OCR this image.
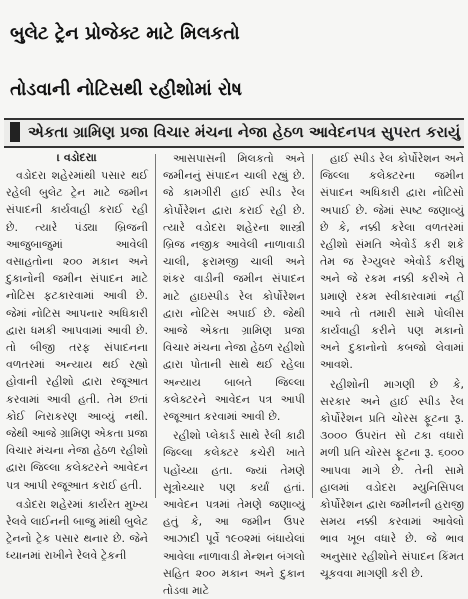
બુલેટ ટ્રેન પ્રોજેક્ટ માટે મિલકતો
તોડવાની નોટિસથી રહીશોમાં રોષ
એકતા ગ્રામિણ પ્રજા વિચાર મંચના નેજા હેઠળ આવેદનપત્ર સુપરત કરાયું
। વડોદરા।

વડોદરા શહેરમાંથી પસાર થઈ રહેલી બુલેટ ટ્રેન માટે જમીન સંપાદની કાર્યવાહી કરાઈ રહી છે. ત્યારે પંડ્યા બ્રિજની આજુબાજુમાં આવેલી વસાહતોના ૨૦૦ મકાન અને દુકાનોની જમીન સંપાદન માટે નોટિસ ફટકારવામાં આવી છે. જેમાં નોટિસ આપનાર અધિકારી દ્વારા ધમકી આપવામાં આવી છે. તો બીજી તરફ સંપાદનના વળતરમાં અન્યાય થઈ રહ્યો હોવાની રહીશો દ્વારા રજૂઆત કરવામાં આવી હતી. તેમ છતાં કોઈ નિરાકરણ આવ્યું નથી. જેથી આજે ગ્રામિણ એકતા પ્રજા વિચાર મંચના નેજા હેઠળ રહીશો દ્વારા જિલ્લા કલેક્ટરને આવેદન પત્ર આપી રજૂઆત કરાઈ હતી.

વડોદરા શહેરમાં કાર્યરત મુખ્ય રેલવે લાઈનની બાજુ માંથી બુલેટ ટ્રેનનો ટ્રેક પસાર થનાર છે. જેને ધ્યાનમાં રાખીને રેલવે ટ્રેકની

આસપાસની મિલકતો અને જમીનનું સંપાદન ચાલી રહ્યું છે. જે કામગીરી હાઈ સ્પીડ રેલ કોર્પોરેશન દ્વારા કરાઈ રહી છે. ત્યારે વડોદરા શહેરના શાસ્ત્રી બ્રિજ નજીક આવેલી નાળાવાડી ચાલી, ફરામજી ચાલી અને શંકર વાડીની જમીન સંપાદન માટે હાઇસ્પીડ રેલ કોર્પોરેશન દ્વારા નોટિસ અપાઈ છે. જેથી આજે એકતા ગ્રામિણ પ્રજા વિચાર મંચના નેજા હેઠળ રહીશો દ્વારા પોતાની સાથે થઈ રહેલા અન્યાય બાબતે જિલ્લા કલેક્ટરને આવેદન પત્ર આપી રજૂઆત કરવામાં આવી છે.

રહીશો પ્લેકાર્ડ સાથે રેલી કાઢી જિલ્લા કલેક્ટર કચેરી ખાતે પહોંચ્યા હતા. જ્યાં તેમણે સૂત્રોચ્ચાર પણ કર્યાં હતાં. આવેદન પત્રમાં તેમણે જણાવ્યું હતું કે, આ જમીન ઉપર આઝાદી પૂર્વે ૧૯૦૨માં બંધાયેલાં આવેલા નાળાવાડી મેન્શન બંગલો સહિત ૨૦૦ મકાન અને દુકાન તોડવા માટે

હાઈ સ્પીડ રેલ કોર્પોરેશન અને જિલ્લા કલેક્ટરના જમીન સંપાદન અધિકારી દ્વારા નોટિસો અપાઈ છે. જેમાં સ્પષ્ટ જણાવ્યું છે કે, નક્કી કરેલા વળતરમાં રહીશો સંમતિ એવોર્ડ કરી શકે તેમ જ રેગ્યુલર એવોર્ડ કરીશું અને જે રકમ નક્કી કરીએ તે પ્રમાણે રકમ સ્વીકારવામાં નહીં આવે તો તમારી સામે પોલીસ કાર્યવાહી કરીને પણ મકાનો અને દુકાનોનો કબજો લેવામાં આવશે.

રહીશોની માગણી છે કે, સરકાર અને હાઈ સ્પીડ રેલ કોર્પોરેશન પ્રતિ ચોરસ ફૂટના રૂ. ૩૦૦૦ ઉપરાંત સો ટકા વધારો મળી પ્રતિ ચોરસ ફૂટના રૂ. ૬૦૦૦ આપવા માગે છે. તેની સામે હાલમાં વડોદરા મ્યુનિસિપલ કોર્પોરેશન દ્વારા જમીનની હરાજી સમય નક્કી કરવામાં આવેલો ભાવ ખૂબ વધારે છે. જે ભાવ અનુસાર રહીશોને સંપાદન કિંમત ચૂકવવા માગણી કરી છે.
